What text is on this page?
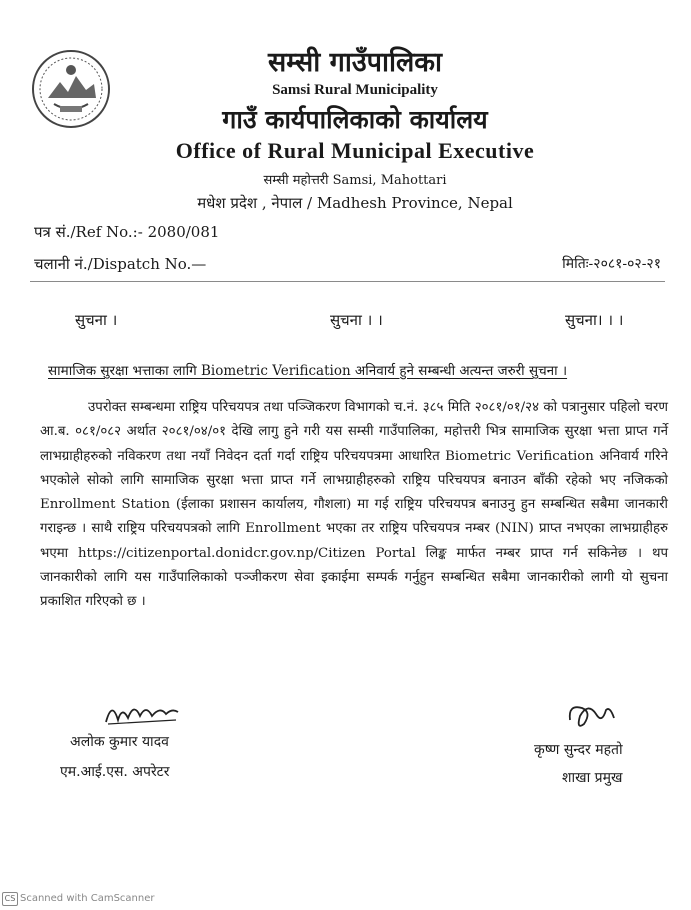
सम्सी गाउँपालिका
Samsi Rural Municipality
गाउँ कार्यपालिकाको कार्यालय
Office of Rural Municipal Executive
सम्सी महोत्तरी Samsi, Mahottari
मधेश प्रदेश , नेपाल / Madhesh Province, Nepal
पत्र सं./Ref No.:- 2080/081
चलानी नं./Dispatch No.—	मितिः-२०८१-०२-२१
सुचना ।	सुचना । ।	सुचना। । ।
सामाजिक सुरक्षा भत्ताका लागि Biometric Verification अनिवार्य हुने सम्बन्धी अत्यन्त जरुरी सुचना ।
उपरोक्त सम्बन्धमा राष्ट्रिय परिचयपत्र तथा पञ्जिकरण विभागको च.नं. ३८५ मिति २०८१/०१/२४ को पत्रानुसार पहिलो चरण आ.ब. ०८१/०८२ अर्थात २०८१/०४/०१ देखि लागु हुने गरी यस सम्सी गाउँपालिका, महोत्तरी भित्र सामाजिक सुरक्षा भत्ता प्राप्त गर्ने लाभग्राहीहरुको नविकरण तथा नयाँ निवेदन दर्ता गर्दा राष्ट्रिय परिचयपत्रमा आधारित Biometric Verification अनिवार्य गरिने भएकोले सोको लागि सामाजिक सुरक्षा भत्ता प्राप्त गर्ने लाभग्राहीहरुको राष्ट्रिय परिचयपत्र बनाउन बाँकी रहेको भए नजिकको Enrollment Station (ईलाका प्रशासन कार्यालय, गौशला) मा गई राष्ट्रिय परिचयपत्र बनाउनु हुन सम्बन्धित सबैमा जानकारी गराइन्छ । साथै राष्ट्रिय परिचयपत्रको लागि Enrollment भएका तर राष्ट्रिय परिचयपत्र नम्बर (NIN) प्राप्त नभएका लाभग्राहीहरु भएमा https://citizenportal.donidcr.gov.np/Citizen Portal लिङ्क मार्फत नम्बर प्राप्त गर्न सकिनेछ । थप जानकारीको लागि यस गाउँपालिकाको पञ्जीकरण सेवा इकाईमा सम्पर्क गर्नुहुन सम्बन्धित सबैमा जानकारीको लागी यो सुचना प्रकाशित गरिएको छ ।
अलोक कुमार यादव
एम.आई.एस. अपरेटर
कृष्ण सुन्दर महतो
शाखा प्रमुख
CS Scanned with CamScanner
